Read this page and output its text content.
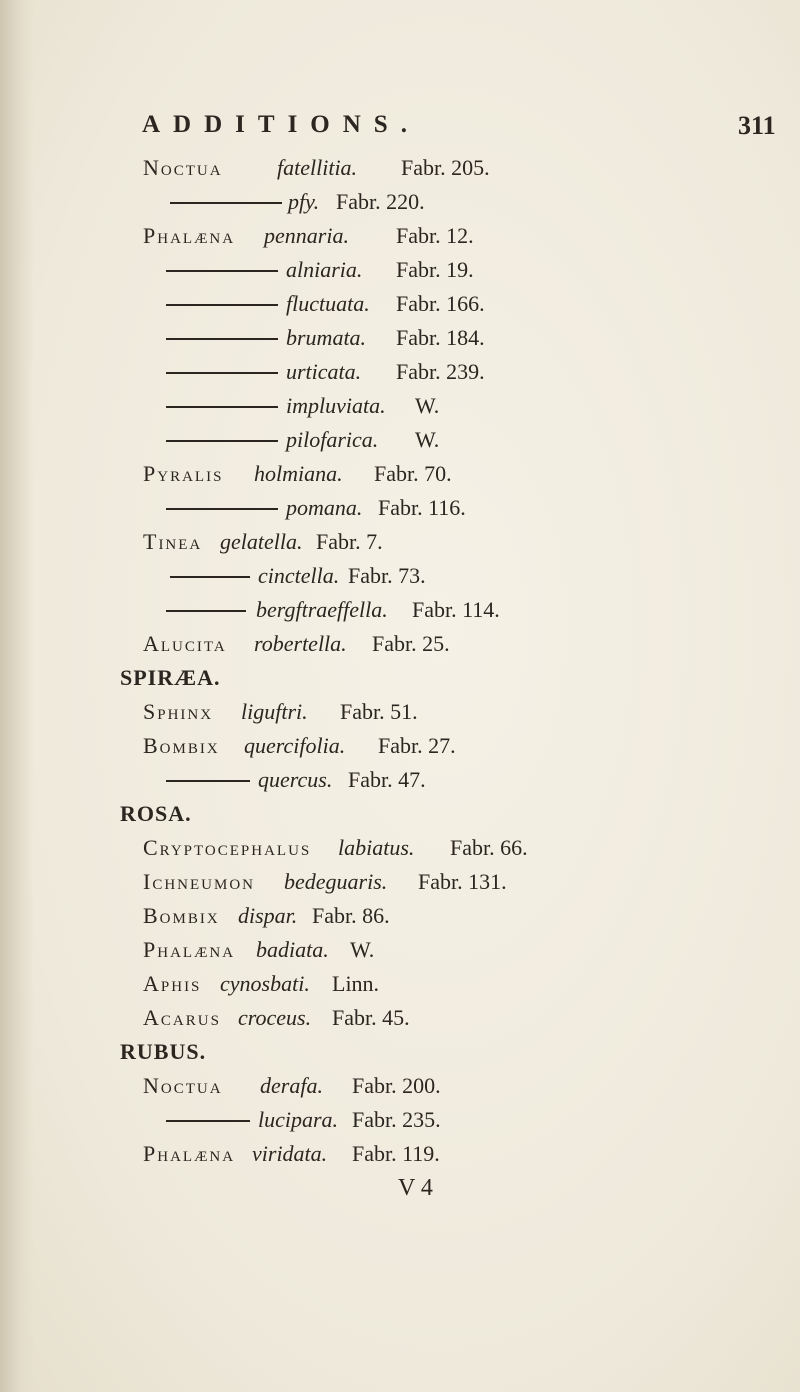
ADDITIONS.	311
Noctua fatellitia. Fabr. 205.
pfy. Fabr. 220.
Phalæna pennaria. Fabr. 12.
alniaria. Fabr. 19.
fluctuata. Fabr. 166.
brumata. Fabr. 184.
urticata. Fabr. 239.
impluviata. W.
pilofarica. W.
Pyralis holmiana. Fabr. 70.
pomana. Fabr. 116.
Tinea gelatella. Fabr. 7.
cinctella. Fabr. 73.
bergftraeffella. Fabr. 114.
Alucita robertella. Fabr. 25.
SPIRÆA.
Sphinx liguftri. Fabr. 51.
Bombix quercifolia. Fabr. 27.
quercus. Fabr. 47.
ROSA.
Cryptocephalus labiatus. Fabr. 66.
Ichneumon bedeguaris. Fabr. 131.
Bombix dispar. Fabr. 86.
Phalæna badiata. W.
Aphis cynosbati. Linn.
Acarus croceus. Fabr. 45.
RUBUS.
Noctua derafa. Fabr. 200.
lucipara. Fabr. 235.
Phalæna viridata. Fabr. 119.
V 4
